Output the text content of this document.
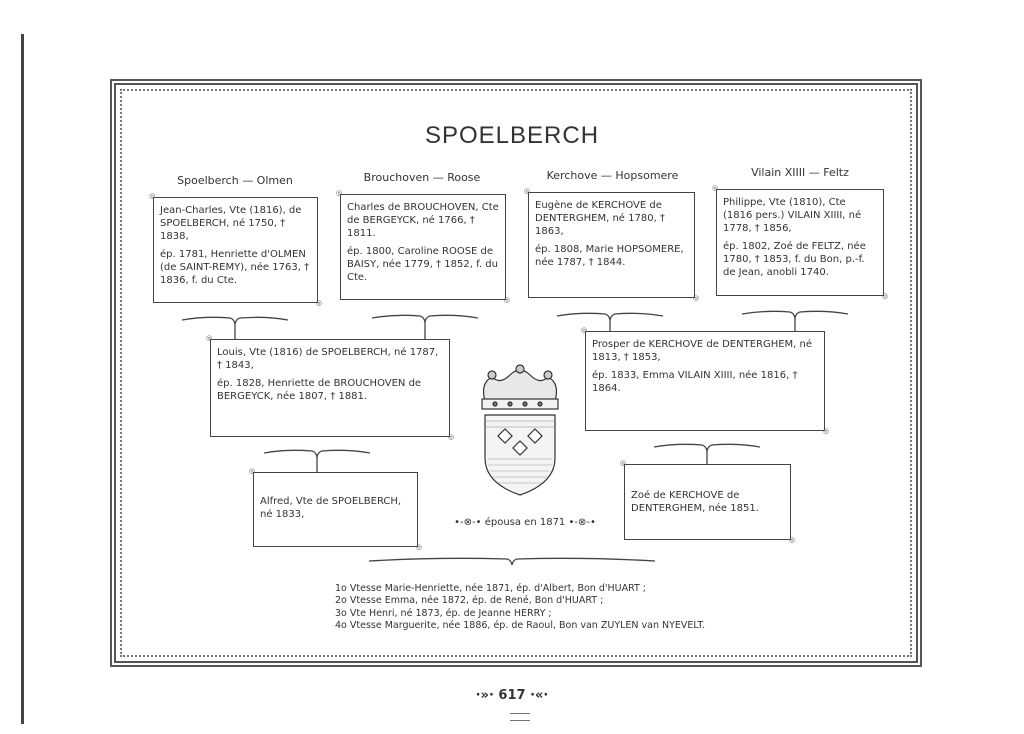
SPOELBERCH
Spoelberch — Olmen	Brouchoven — Roose	Kerchove — Hopsomere	Vilain XIIII — Feltz

◎ Jean-Charles, Vte (1816), de SPOELBERCH, né 1750, † 1838,

ép. 1781, Henriette d'OLMEN (de SAINT-REMY), née 1763, † 1836, f. du Cte.

◎

◎ Charles de BROUCHOVEN, Cte de BERGEYCK, né 1766, † 1811.

ép. 1800, Caroline ROOSE de BAISY, née 1779, † 1852, f. du Cte.

◎

◎ Eugène de KERCHOVE de DENTERGHEM, né 1780, † 1863,

ép. 1808, Marie HOPSOMERE, née 1787, † 1844.

◎

◎ Philippe, Vte (1810), Cte (1816 pers.) VILAIN XIIII, né 1778, † 1856,

ép. 1802, Zoé de FELTZ, née 1780, † 1853, f. du Bon, p.-f. de Jean, anobli 1740.

◎

◎ Louis, Vte (1816) de SPOELBERCH, né 1787, † 1843,

ép. 1828, Henriette de BROUCHOVEN de BERGEYCK, née 1807, † 1881.

◎

◎ Prosper de KERCHOVE de DENTERGHEM, né 1813, † 1853,

ép. 1833, Emma VILAIN XIIII, née 1816, † 1864.

◎

◎ Alfred, Vte de SPOELBERCH, né 1833,

◎

◎ Zoé de KERCHOVE de DENTERGHEM, née 1851.

◎
•-⊗-• épousa en 1871 •-⊗-•
1o Vtesse Marie-Henriette, née 1871, ép. d'Albert, Bon d'HUART ;
2o Vtesse Emma, née 1872, ép. de René, Bon d'HUART ;
3o Vte Henri, né 1873, ép. de Jeanne HERRY ;
4o Vtesse Marguerite, née 1886, ép. de Raoul, Bon van ZUYLEN van NYEVELT.
·»· 617 ·«·
